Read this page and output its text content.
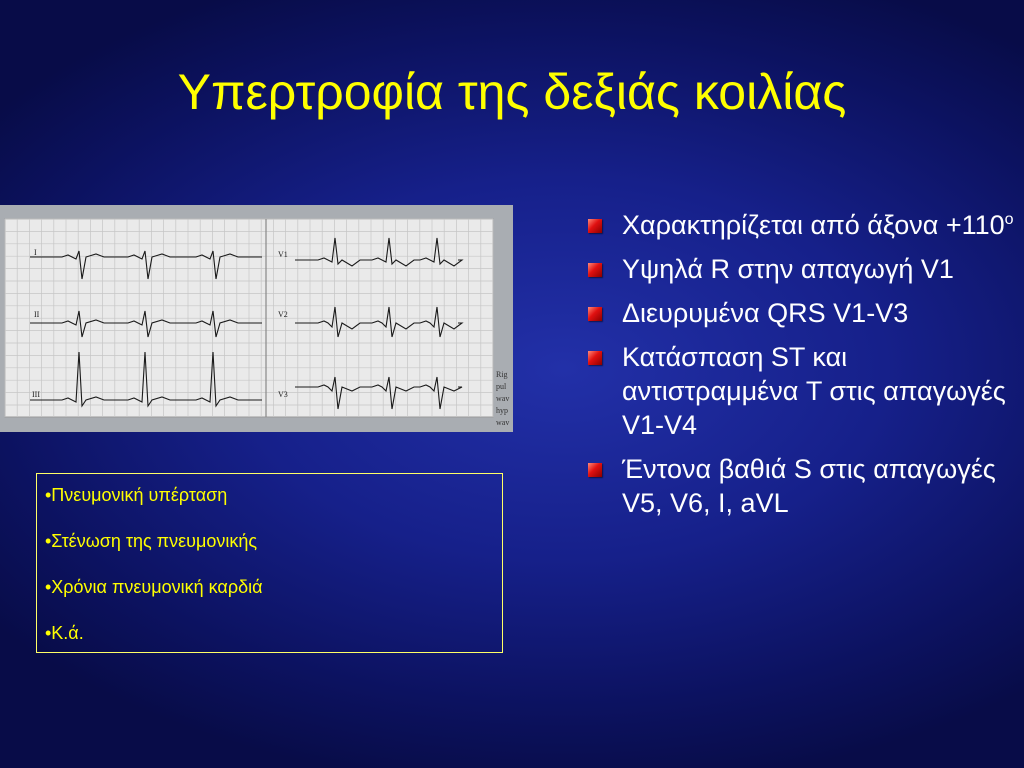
Υπερτροφία της δεξιάς κοιλίας
I
II
III
V1
V2
V3
Rig
pul
wav
hyp
wav
Χαρακτηρίζεται από $ά\xi o\nu\alpha +110^o$
Υψηλά R στην απαγωγή V1
Διευρυμένα QRS V1-V3
Κατάσπαση ST και αντιστραμμένα T στις απαγωγές V1-V4
Έντονα βαθιά S στις απαγωγές V5, V6, I, aVL
•Πνευμονική υπέρταση
•Στένωση της πνευμονικής
•Χρόνια πνευμονική καρδιά
•Κ.ά.
